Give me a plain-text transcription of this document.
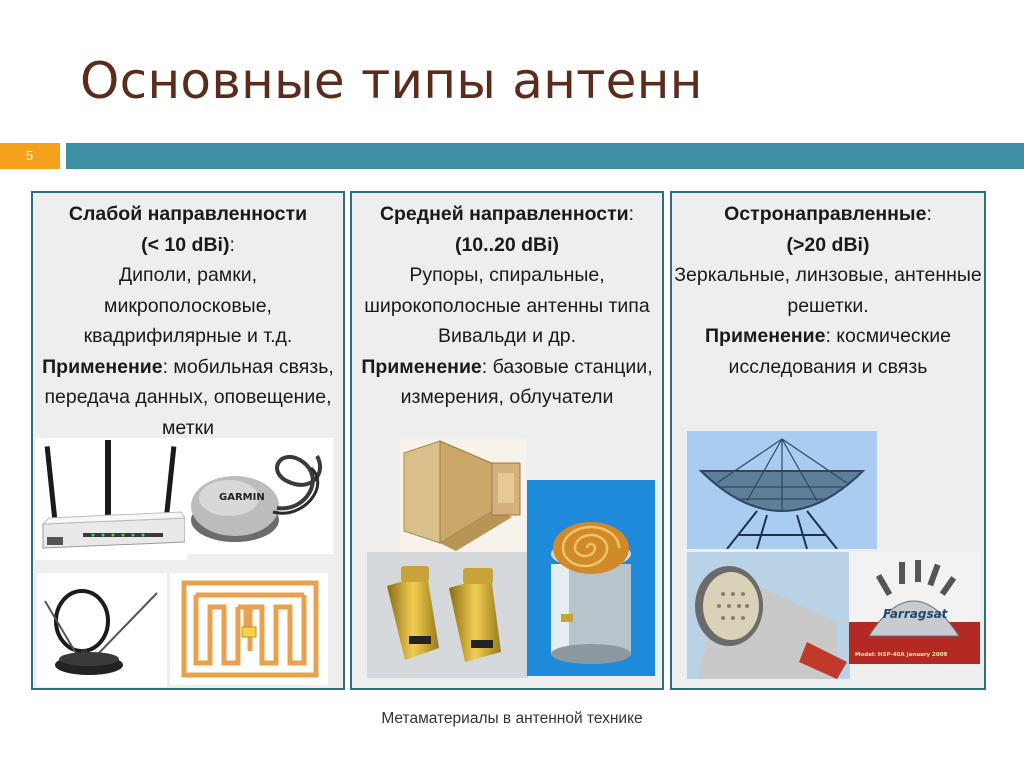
Основные типы антенн
5
Слабой направленности
(< 10 dBi):
Диполи, рамки, микрополосковые, квадрифилярные и т.д.
Применение: мобильная связь, передача данных, оповещение, метки
Средней направленности:
(10..20 dBi)
Рупоры, спиральные, широкополосные антенны типа Вивальди и др.
Применение: базовые станции, измерения, облучатели
Остронаправленные:
(>20 dBi)
Зеркальные, линзовые, антенные решетки.
Применение: космические исследования и связь
GARMIN
Farragsat
Model: HSP-40A January 2009
Метаматериалы в антенной технике
